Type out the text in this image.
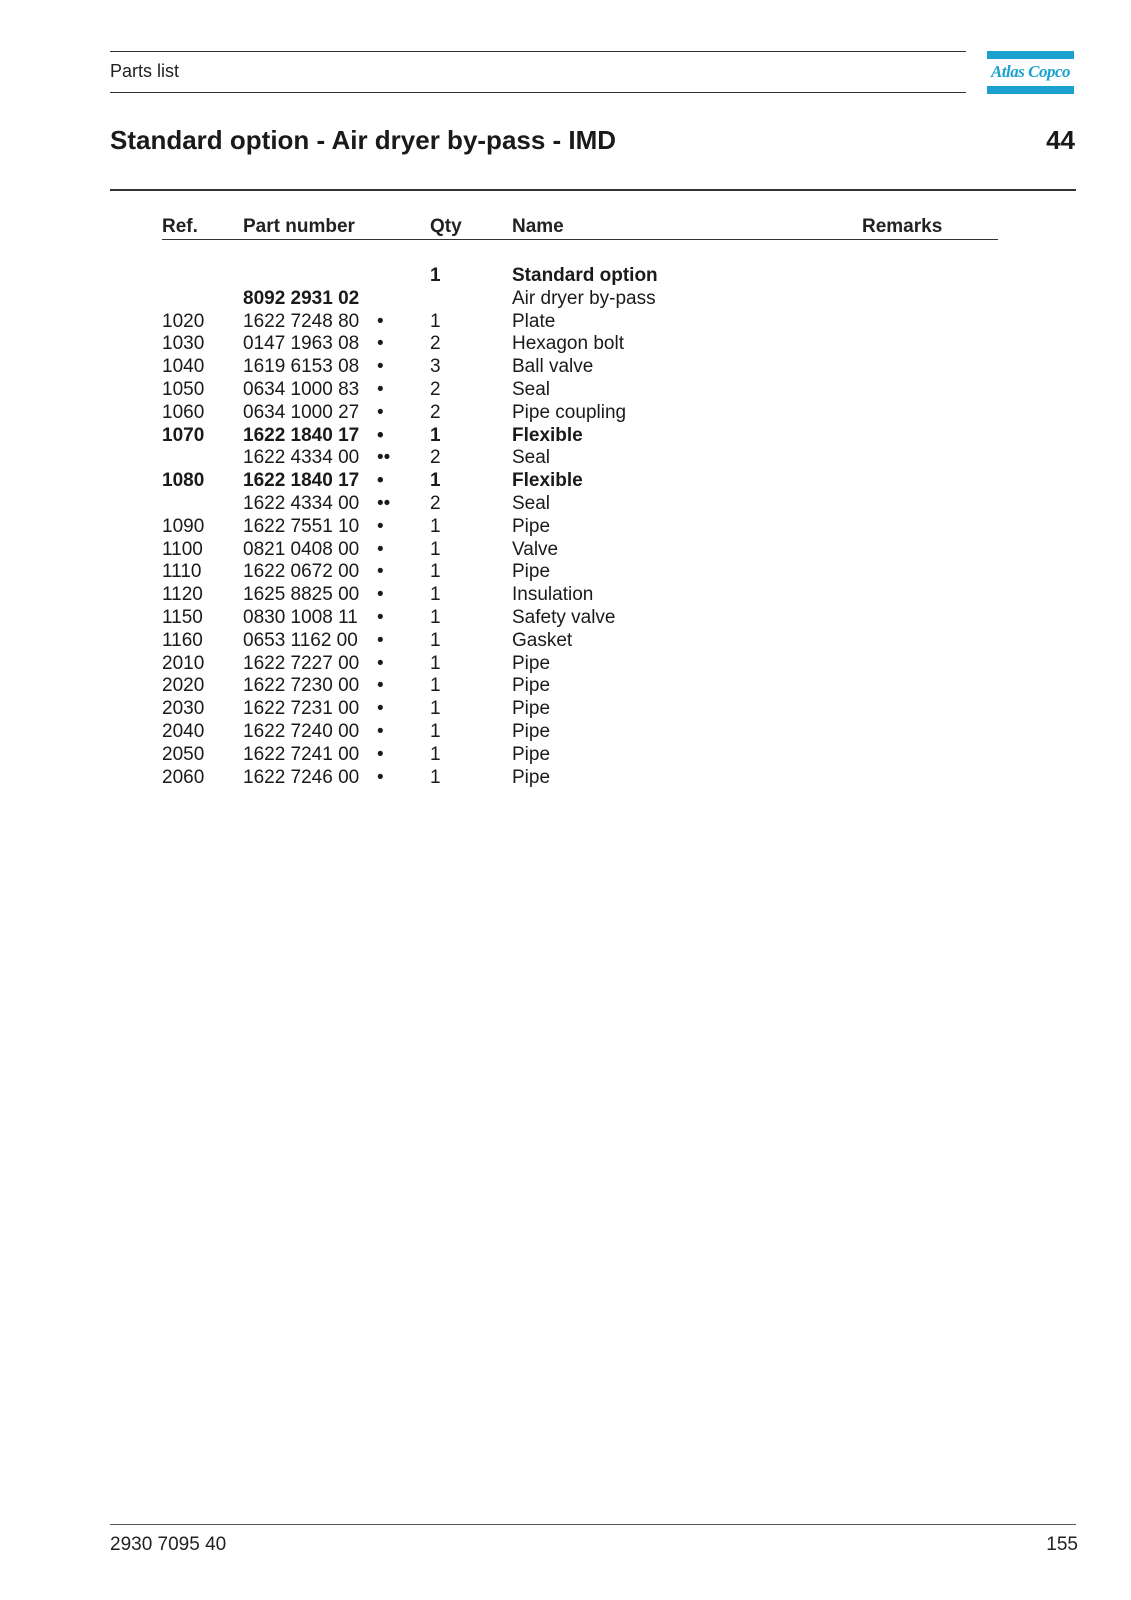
Parts list	Atlas Copco
Standard option - Air dryer by-pass - IMD	44
Ref. Part number	Qty	Name	Remarks
1	Standard option
8092 2931 02	Air dryer by-pass
1020 1622 7248 80 • 1	Plate
1030 0147 1963 08 • 2	Hexagon bolt
1040 1619 6153 08 • 3	Ball valve
1050 0634 1000 83 • 2	Seal
1060 0634 1000 27 • 2	Pipe coupling
1070 1622 1840 17 • 1	Flexible
1622 4334 00 •• 2	Seal
1080 1622 1840 17 • 1	Flexible
1622 4334 00 •• 2	Seal
1090 1622 7551 10 • 1	Pipe
1100 0821 0408 00 • 1	Valve
1110 1622 0672 00 • 1	Pipe
1120 1625 8825 00 • 1	Insulation
1150 0830 1008 11 • 1	Safety valve
1160 0653 1162 00 • 1	Gasket
2010 1622 7227 00 • 1	Pipe
2020 1622 7230 00 • 1	Pipe
2030 1622 7231 00 • 1	Pipe
2040 1622 7240 00 • 1	Pipe
2050 1622 7241 00 • 1	Pipe
2060 1622 7246 00 • 1	Pipe
2930 7095 40	155
